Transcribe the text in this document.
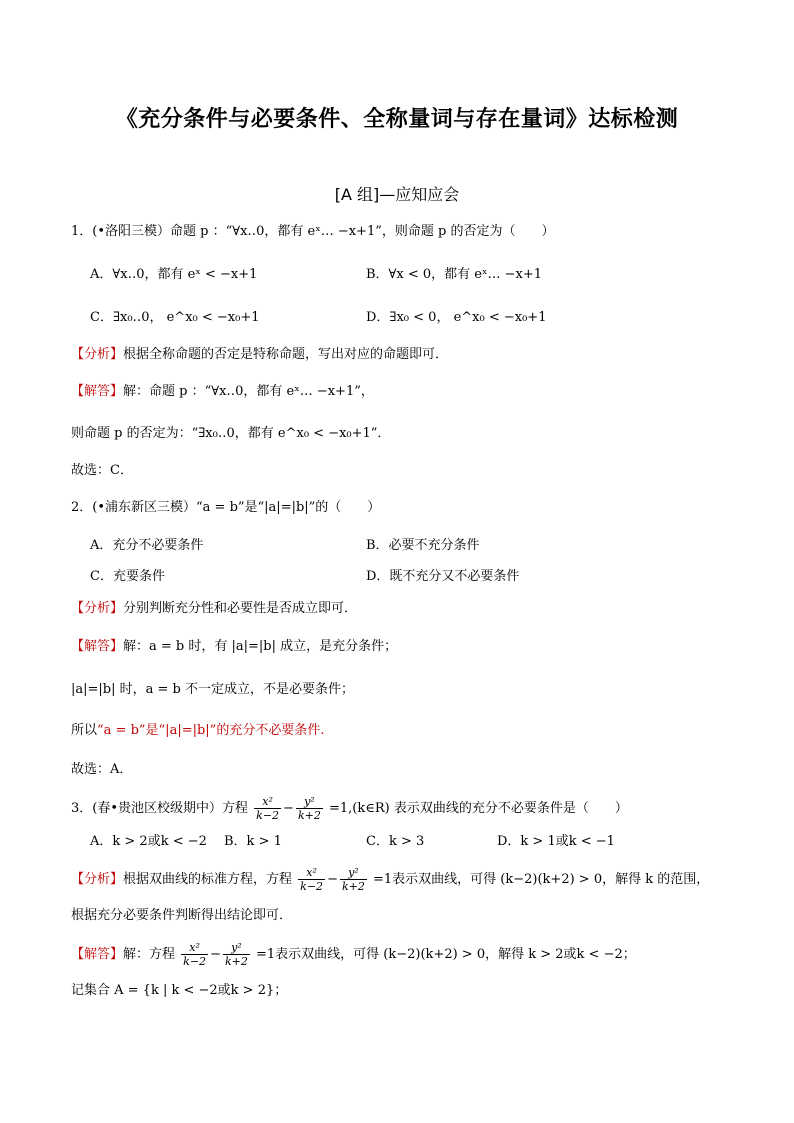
《充分条件与必要条件、全称量词与存在量词》达标检测
[A 组]—应知应会
1．(•洛阳三模）命题 p ：“∀x‥0，都有 eˣ… −x+1”，则命题 p 的否定为（　　）
A．∀x‥0，都有 eˣ < −x+1	B．∀x < 0，都有 eˣ… −x+1
C．∃x₀‥0， e^x₀ < −x₀+1	D．∃x₀ < 0， e^x₀ < −x₀+1
【分析】根据全称命题的否定是特称命题，写出对应的命题即可．
【解答】解：命题 p ：“∀x‥0，都有 eˣ… −x+1”，
则命题 p 的否定为：“∃x₀‥0，都有 e^x₀ < −x₀+1”．
故选：C．
2．(•浦东新区三模）“a = b”是“|a|=|b|”的（　　）
A．充分不必要条件	B．必要不充分条件
C．充要条件	D．既不充分又不必要条件
【分析】分别判断充分性和必要性是否成立即可．
【解答】解：a = b 时，有 |a|=|b| 成立，是充分条件；
|a|=|b| 时，a = b 不一定成立，不是必要条件；
所以“a = b”是“|a|=|b|”的充分不必要条件.
故选：A．
3．(春•贵池区校级期中）方程 $\frac{\text{x²}}{k-2} - \frac{\text{y²}}{k+2}$ =1,(k∈R) 表示双曲线的充分不必要条件是（　　）
A．k > 2或k < −2 B．k > 1	C．k > 3	D．k > 1或k < −1
【分析】根据双曲线的标准方程，方程 $\frac{\text{x²}}{k-2} - \frac{\text{y²}}{k+2} =1$表示双曲线，可得 (k−2)(k+2) > 0，解得 k 的范围，
根据充分必要条件判断得出结论即可．
【解答】解：方程 $\frac{\text{x²}}{k-2} - \frac{\text{y²}}{k+2} =1$表示双曲线，可得 (k−2)(k+2) > 0，解得 k > 2或k < −2；
记集合 A = {k | k < −2或k > 2}；
